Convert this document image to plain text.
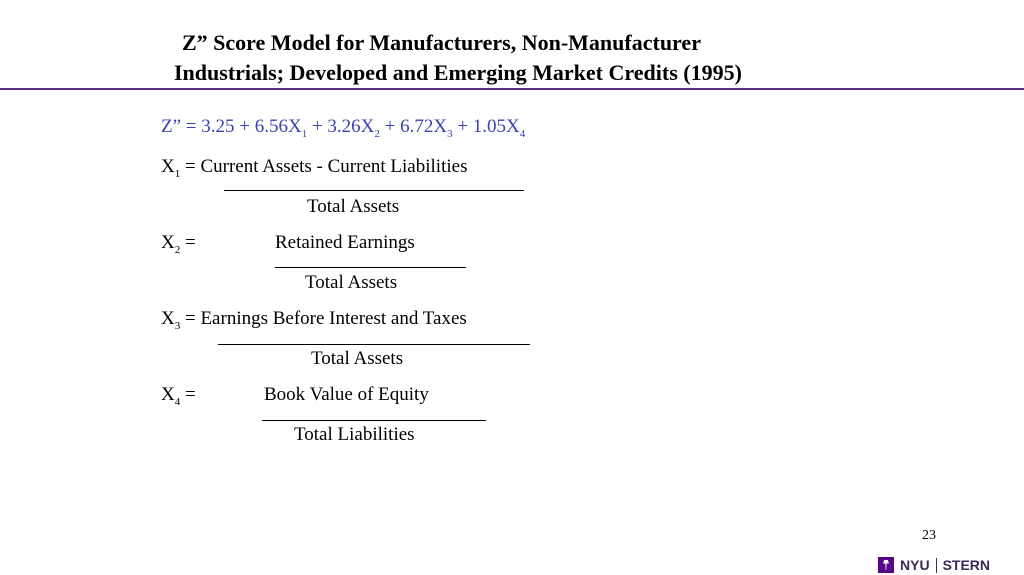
Z” Score Model for Manufacturers, Non-Manufacturer
Industrials; Developed and Emerging Market Credits (1995)
Z” = $3.25 + 6.56X_1 + 3.26X_2 + 6.72X_3 + 1.05X_4$
$X_1$ = Current Assets - Current Liabilities
Total Assets
$X_2$ =	Retained Earnings
Total Assets
$X_3$ = Earnings Before Interest and Taxes
Total Assets
$X_4$ =	Book Value of Equity
Total Liabilities
23
NYU STERN
